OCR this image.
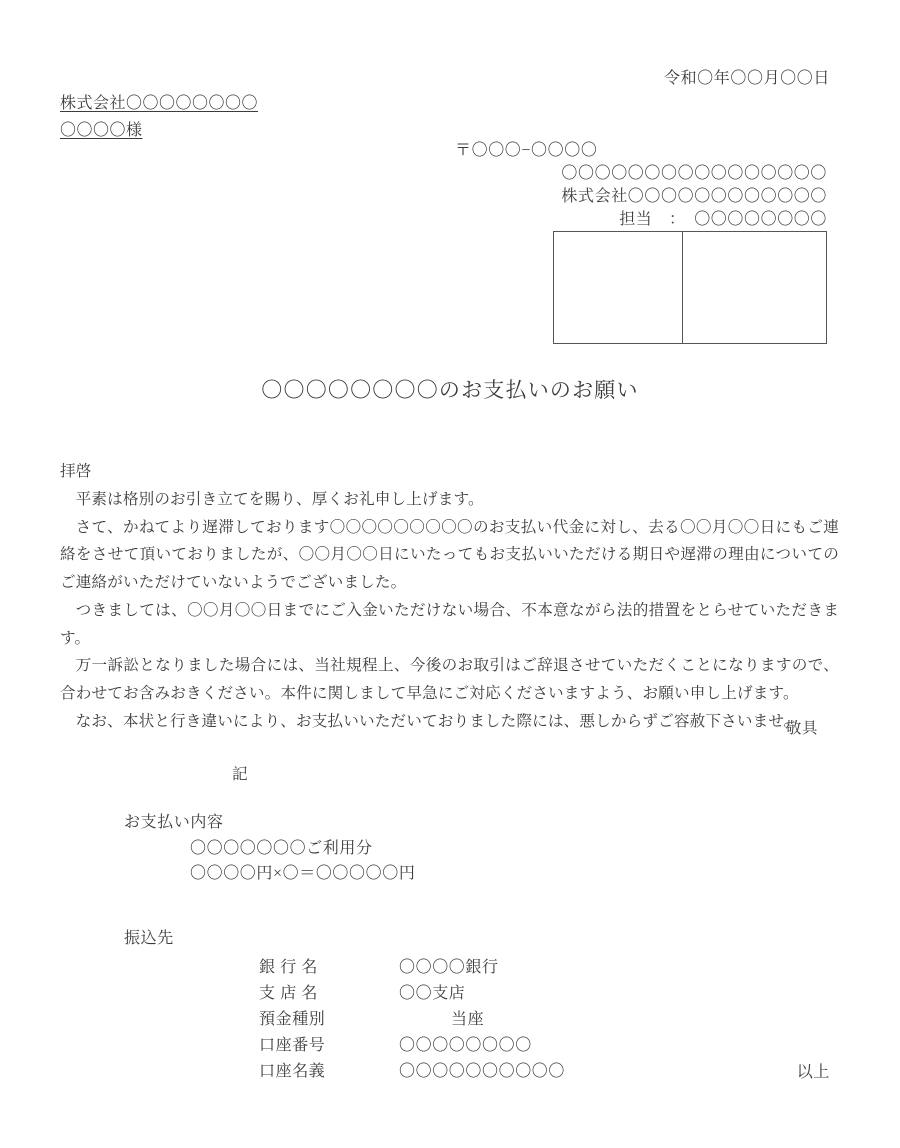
令和〇年〇〇月〇〇日
株式会社〇〇〇〇〇〇〇〇
〇〇〇〇様
〒〇〇〇−〇〇〇〇
〇〇〇〇〇〇〇〇〇〇〇〇〇〇〇〇
株式会社〇〇〇〇〇〇〇〇〇〇〇〇
担当　：　〇〇〇〇〇〇〇〇
〇〇〇〇〇〇〇〇のお支払いのお願い

拝啓

平素は格別のお引き立てを賜り、厚くお礼申し上げます。

さて、かねてより遅滞しております〇〇〇〇〇〇〇〇〇のお支払い代金に対し、去る〇〇月〇〇日にもご連絡をさせて頂いておりましたが、〇〇月〇〇日にいたってもお支払いいただける期日や遅滞の理由についてのご連絡がいただけていないようでございました。

つきましては、〇〇月〇〇日までにご入金いただけない場合、不本意ながら法的措置をとらせていただきます。

万一訴訟となりました場合には、当社規程上、今後のお取引はご辞退させていただくことになりますので、合わせてお含みおきください。本件に関しまして早急にご対応くださいますよう、お願い申し上げます。

なお、本状と行き違いにより、お支払いいただいておりました際には、悪しからずご容赦下さいませ。

敬具
記
お支払い内容
〇〇〇〇〇〇〇ご利用分
〇〇〇〇円×〇＝〇〇〇〇〇円
振込先
銀 行 名	〇〇〇〇銀行
支 店 名	〇〇支店
預金種別	当座
口座番号	〇〇〇〇〇〇〇〇
口座名義	〇〇〇〇〇〇〇〇〇〇	以上
